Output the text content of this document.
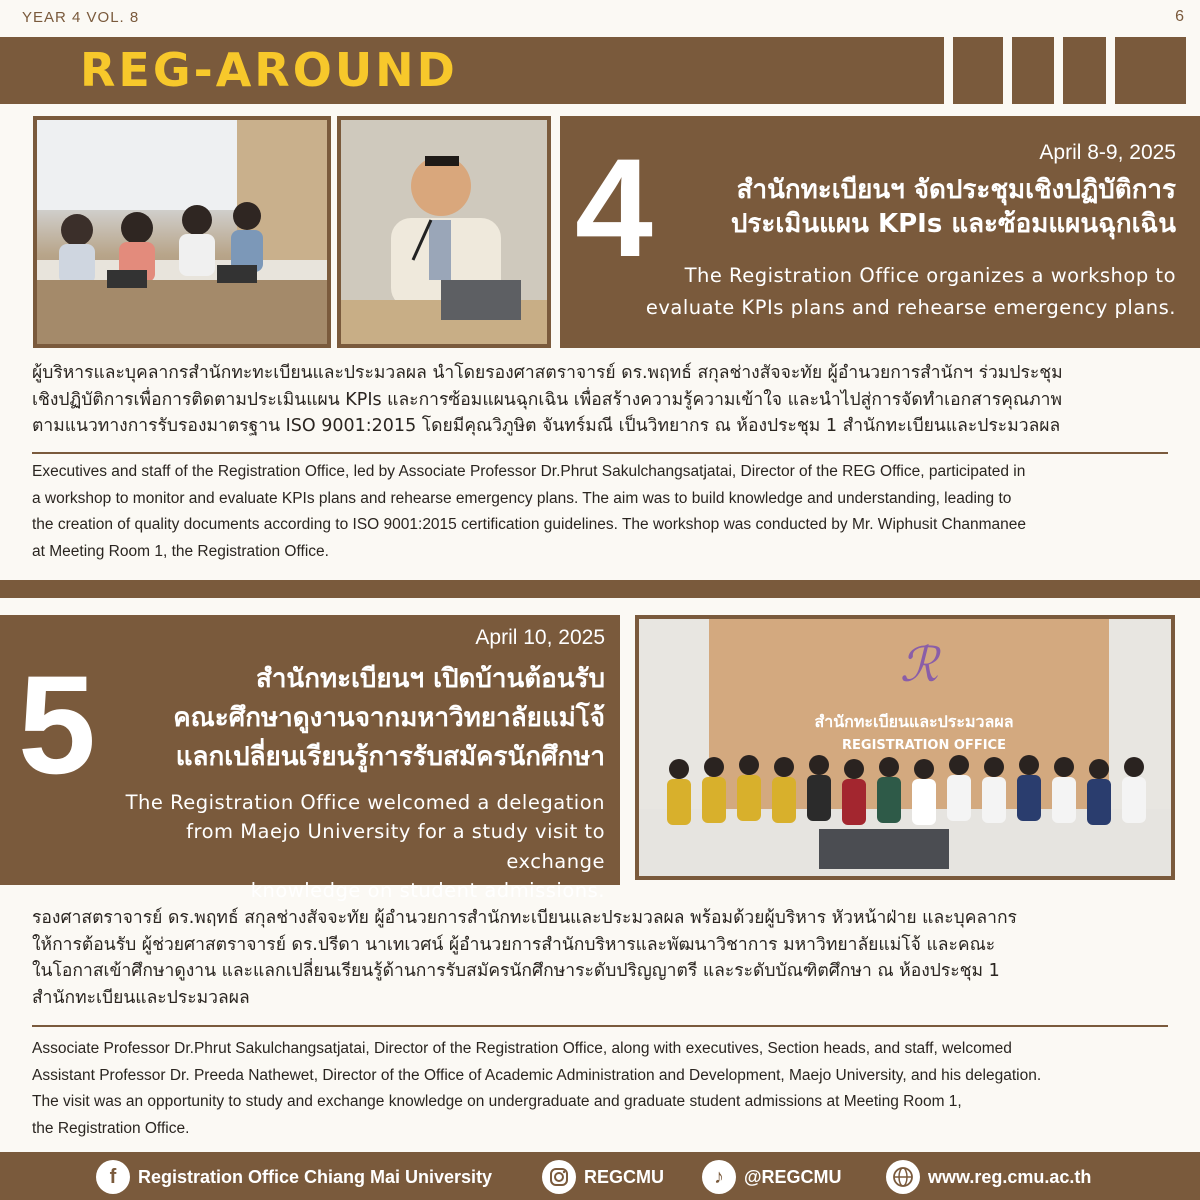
YEAR 4 VOL. 8	6
REG-AROUND
4	April 8-9, 2025
สำนักทะเบียนฯ จัดประชุมเชิงปฏิบัติการ
ประเมินแผน KPIs และซ้อมแผนฉุกเฉิน
The Registration Office organizes a workshop to
evaluate KPIs plans and rehearse emergency plans.
ผู้บริหารและบุคลากรสำนักทะทะเบียนและประมวลผล นำโดยรองศาสตราจารย์ ดร.พฤทธ์ สกุลช่างสัจจะทัย ผู้อำนวยการสำนักฯ ร่วมประชุม
เชิงปฏิบัติการเพื่อการติดตามประเมินแผน KPIs และการซ้อมแผนฉุกเฉิน เพื่อสร้างความรู้ความเข้าใจ และนำไปสู่การจัดทำเอกสารคุณภาพ
ตามแนวทางการรับรองมาตรฐาน ISO 9001:2015 โดยมีคุณวิภูษิต จันทร์มณี เป็นวิทยากร ณ ห้องประชุม 1 สำนักทะเบียนและประมวลผล
Executives and staff of the Registration Office, led by Associate Professor Dr.Phrut Sakulchangsatjatai, Director of the REG Office, participated in
a workshop to monitor and evaluate KPIs plans and rehearse emergency plans. The aim was to build knowledge and understanding, leading to
the creation of quality documents according to ISO 9001:2015 certification guidelines. The workshop was conducted by Mr. Wiphusit Chanmanee
at Meeting Room 1, the Registration Office.
5
April 10, 2025
สำนักทะเบียนฯ เปิดบ้านต้อนรับ
คณะศึกษาดูงานจากมหาวิทยาลัยแม่โจ้
แลกเปลี่ยนเรียนรู้การรับสมัครนักศึกษา
The Registration Office welcomed a delegation
from Maejo University for a study visit to exchange
knowledge on student admissions.
ℛ
สำนักทะเบียนและประมวลผล
REGISTRATION OFFICE
รองศาสตราจารย์ ดร.พฤทธ์ สกุลช่างสัจจะทัย ผู้อำนวยการสำนักทะเบียนและประมวลผล พร้อมด้วยผู้บริหาร หัวหน้าฝ่าย และบุคลากร
ให้การต้อนรับ ผู้ช่วยศาสตราจารย์ ดร.ปรีดา นาเทเวศน์ ผู้อำนวยการสำนักบริหารและพัฒนาวิชาการ มหาวิทยาลัยแม่โจ้ และคณะ
ในโอกาสเข้าศึกษาดูงาน และแลกเปลี่ยนเรียนรู้ด้านการรับสมัครนักศึกษาระดับปริญญาตรี และระดับบัณฑิตศึกษา ณ ห้องประชุม 1
สำนักทะเบียนและประมวลผล
Associate Professor Dr.Phrut Sakulchangsatjatai, Director of the Registration Office, along with executives, Section heads, and staff, welcomed
Assistant Professor Dr. Preeda Nathewet, Director of the Office of Academic Administration and Development, Maejo University, and his delegation.
The visit was an opportunity to study and exchange knowledge on undergraduate and graduate student admissions at Meeting Room 1,
the Registration Office.
f	Registration Office Chiang Mai University	REGCMU	♪	@REGCMU	www.reg.cmu.ac.th
